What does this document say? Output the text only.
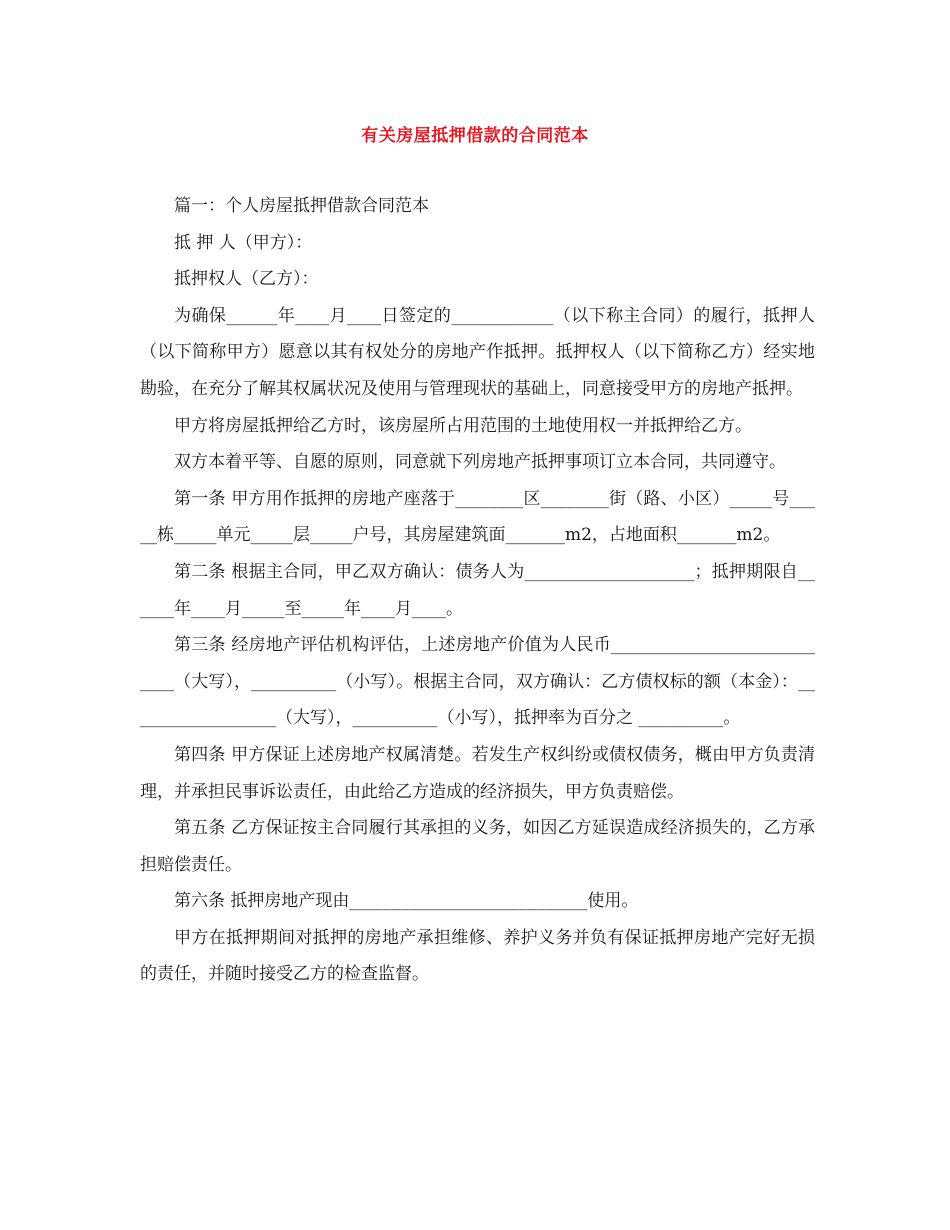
有关房屋抵押借款的合同范本

篇一：个人房屋抵押借款合同范本

抵 押 人（甲方）：

抵押权人（乙方）：

为确保______年____月____日签定的____________（以下称主合同）的履行，抵押人（以下简称甲方）愿意以其有权处分的房地产作抵押。抵押权人（以下简称乙方）经实地勘验，在充分了解其权属状况及使用与管理现状的基础上，同意接受甲方的房地产抵押。

甲方将房屋抵押给乙方时，该房屋所占用范围的土地使用权一并抵押给乙方。

双方本着平等、自愿的原则，同意就下列房地产抵押事项订立本合同，共同遵守。

第一条 甲方用作抵押的房地产座落于________区________街（路、小区）_____号_____栋_____单元_____层_____户号，其房屋建筑面_______m2，占地面积_______m2。

第二条 根据主合同，甲乙双方确认：债务人为____________________；抵押期限自______年____月_____至_____年____月____。

第三条 经房地产评估机构评估，上述房地产价值为人民币____________________________（大写），__________（小写）。根据主合同，双方确认：乙方债权标的额（本金）：__________________（大写），__________（小写），抵押率为百分之 __________。

第四条 甲方保证上述房地产权属清楚。若发生产权纠纷或债权债务，概由甲方负责清理，并承担民事诉讼责任，由此给乙方造成的经济损失，甲方负责赔偿。

第五条 乙方保证按主合同履行其承担的义务，如因乙方延误造成经济损失的，乙方承担赔偿责任。

第六条 抵押房地产现由____________________________使用。

甲方在抵押期间对抵押的房地产承担维修、养护义务并负有保证抵押房地产完好无损的责任，并随时接受乙方的检查监督。
